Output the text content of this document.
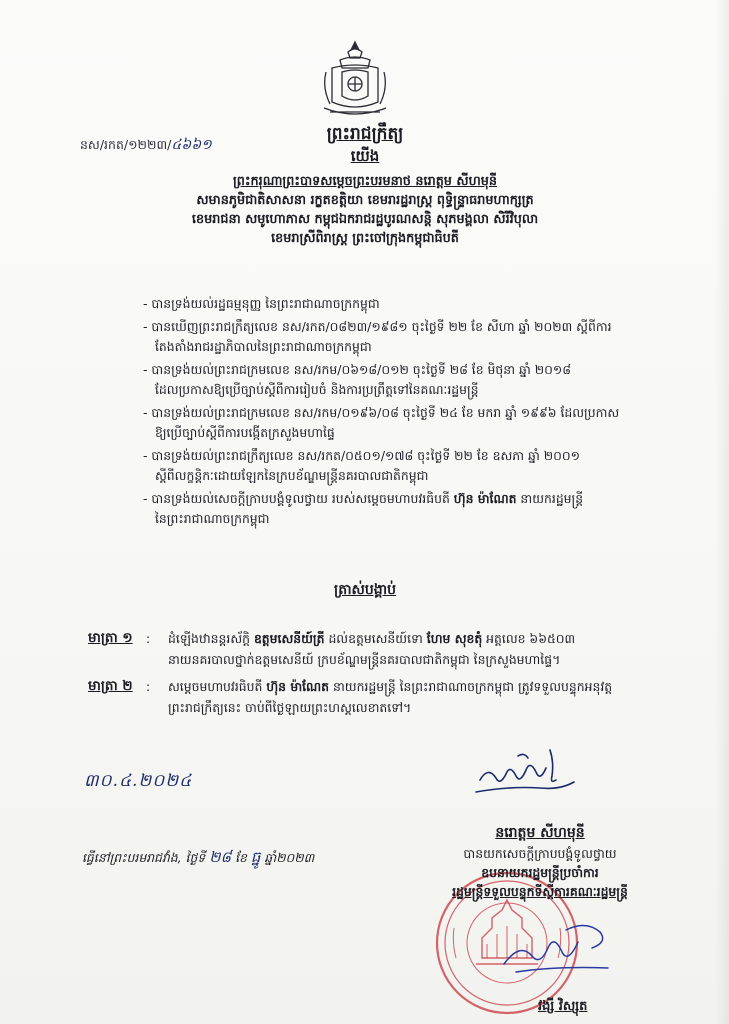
នស/រកត/១២២៣/៤៦៦១
ព្រះរាជក្រឹត្យ
យើង
ព្រះករុណាព្រះបាទសម្តេចព្រះបរមនាថ នរោត្តម សីហមុនី
សមានភូមិជាតិសាសនា រក្ខតខត្តិយា ខេមរារដ្ឋរាស្ត្រ ពុទ្ធិន្ទ្រាធរាមហាក្សត្រ
ខេមរាជនា សមូហោភាស កម្ពុជឯករាជរដ្ឋបូរណសន្តិ សុភមង្គលា សិរីវិបុលា
ខេមរាស្រីពិរាស្ត្រ ព្រះចៅក្រុងកម្ពុជាធិបតី
- បានទ្រង់យល់រដ្ឋធម្មនុញ្ញ នៃព្រះរាជាណាចក្រកម្ពុជា
- បានឃើញព្រះរាជក្រឹត្យលេខ នស/រកត/០៨២៣/១៩៨១ ចុះថ្ងៃទី ២២ ខែ សីហា ឆ្នាំ ២០២៣ ស្តីពីការ
តែងតាំងរាជរដ្ឋាភិបាលនៃព្រះរាជាណាចក្រកម្ពុជា
- បានទ្រង់យល់ព្រះរាជក្រមលេខ នស/រកម/០៦១៨/០១២ ចុះថ្ងៃទី ២៨ ខែ មិថុនា ឆ្នាំ ២០១៨
ដែលប្រកាសឱ្យប្រើច្បាប់ស្តីពីការរៀបចំ និងការប្រព្រឹត្តទៅនៃគណៈរដ្ឋមន្ត្រី
- បានទ្រង់យល់ព្រះរាជក្រមលេខ នស/រកម/០១៩៦/០៨ ចុះថ្ងៃទី ២៤ ខែ មករា ឆ្នាំ ១៩៩៦ ដែលប្រកាស
ឱ្យប្រើច្បាប់ស្តីពីការបង្កើតក្រសួងមហាផ្ទៃ
- បានទ្រង់យល់ព្រះរាជក្រឹត្យលេខ នស/រកត/០៥០១/១៧៨ ចុះថ្ងៃទី ២២ ខែ ឧសភា ឆ្នាំ ២០០១
ស្តីពីលក្ខន្តិកៈដោយឡែកនៃក្របខ័ណ្ឌមន្ត្រីនគរបាលជាតិកម្ពុជា
- បានទ្រង់យល់សេចក្តីក្រាបបង្គំទូលថ្វាយ របស់សម្តេចមហាបវរធិបតី ហ៊ុន ម៉ាណែត នាយករដ្ឋមន្ត្រី
នៃព្រះរាជាណាចក្រកម្ពុជា
ត្រាស់បង្គាប់
មាត្រា ១ : ដំឡើងឋានន្តរស័ក្តិ ឧត្តមសេនីយ៍ត្រី ដល់ឧត្តមសេនីយ៍ទោ ហែម សុខតុំ អត្តលេខ ៦៦៥០៣
នាយនគរបាលថ្នាក់ឧត្តមសេនីយ៍ ក្របខ័ណ្ឌមន្ត្រីនគរបាលជាតិកម្ពុជា នៃក្រសួងមហាផ្ទៃ។
មាត្រា ២ : សម្តេចមហាបវរធិបតី ហ៊ុន ម៉ាណែត នាយករដ្ឋមន្ត្រី នៃព្រះរាជាណាចក្រកម្ពុជា ត្រូវទទួលបន្ទុកអនុវត្ត
ព្រះរាជក្រឹត្យនេះ ចាប់ពីថ្ងៃឡាយព្រះហស្តលេខាតទៅ។
៣០.៤.២០២៤
ធ្វើនៅព្រះបរមរាជវាំង, ថ្ងៃទី ២៨ ខែ ធ្នូ ឆ្នាំ២០២៣
នរោត្តម សីហមុនី
បានយកសេចក្តីក្រាបបង្គំទូលថ្វាយ
ឧបនាយករដ្ឋមន្ត្រីប្រចាំការ
រដ្ឋមន្ត្រីទទួលបន្ទុកទីស្តីការគណៈរដ្ឋមន្ត្រី
វង្សី វិស្សុត
